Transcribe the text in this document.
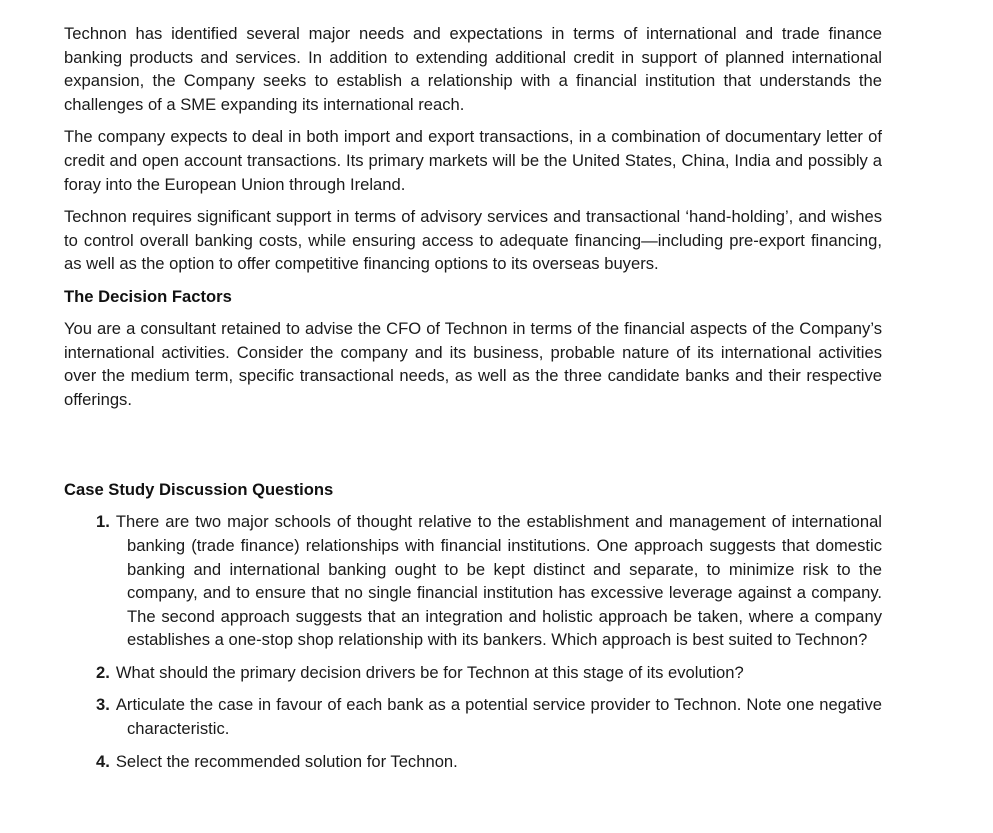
Technon has identified several major needs and expectations in terms of international and trade finance banking products and services. In addition to extending additional credit in support of planned international expansion, the Company seeks to establish a relationship with a financial institution that understands the challenges of a SME expanding its international reach.

The company expects to deal in both import and export transactions, in a combination of documentary letter of credit and open account transactions. Its primary markets will be the United States, China, India and possibly a foray into the European Union through Ireland.

Technon requires significant support in terms of advisory services and transactional ‘hand-holding’, and wishes to control overall banking costs, while ensuring access to adequate financing—including pre-export financing, as well as the option to offer competitive financing options to its overseas buyers.

The Decision Factors

You are a consultant retained to advise the CFO of Technon in terms of the financial aspects of the Company’s international activities. Consider the company and its business, probable nature of its international activities over the medium term, specific transactional needs, as well as the three candidate banks and their respective offerings.

Case Study Discussion Questions
1. There are two major schools of thought relative to the establishment and management of international banking (trade finance) relationships with financial institutions. One approach suggests that domestic banking and international banking ought to be kept distinct and separate, to minimize risk to the company, and to ensure that no single financial institution has excessive leverage against a company. The second approach suggests that an integration and holistic approach be taken, where a company establishes a one-stop shop relationship with its bankers. Which approach is best suited to Technon?
2. What should the primary decision drivers be for Technon at this stage of its evolution?
3. Articulate the case in favour of each bank as a potential service provider to Technon. Note one negative characteristic.
4. Select the recommended solution for Technon.
